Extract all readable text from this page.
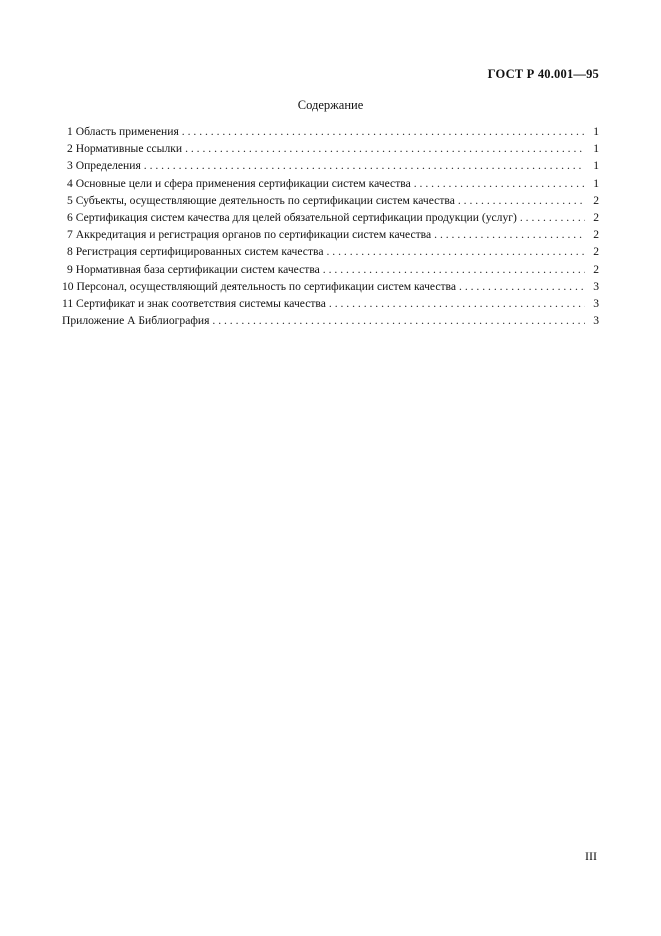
ГОСТ Р 40.001—95
Содержание
1 Область применения . . .	1
2 Нормативные ссылки . . .	1
3 Определения . . .	1
4 Основные цели и сфера применения сертификации систем качества . . .	1
5 Субъекты, осуществляющие деятельность по сертификации систем качества . . .	2
6 Сертификация систем качества для целей обязательной сертификации продукции (услуг) . . .	2
7 Аккредитация и регистрация органов по сертификации систем качества . . .	2
8 Регистрация сертифицированных систем качества . . .	2
9 Нормативная база сертификации систем качества . . .	2
10 Персонал, осуществляющий деятельность по сертификации систем качества . . .	3
11 Сертификат и знак соответствия системы качества . . .	3
Приложение А Библиография . . .	3
III
